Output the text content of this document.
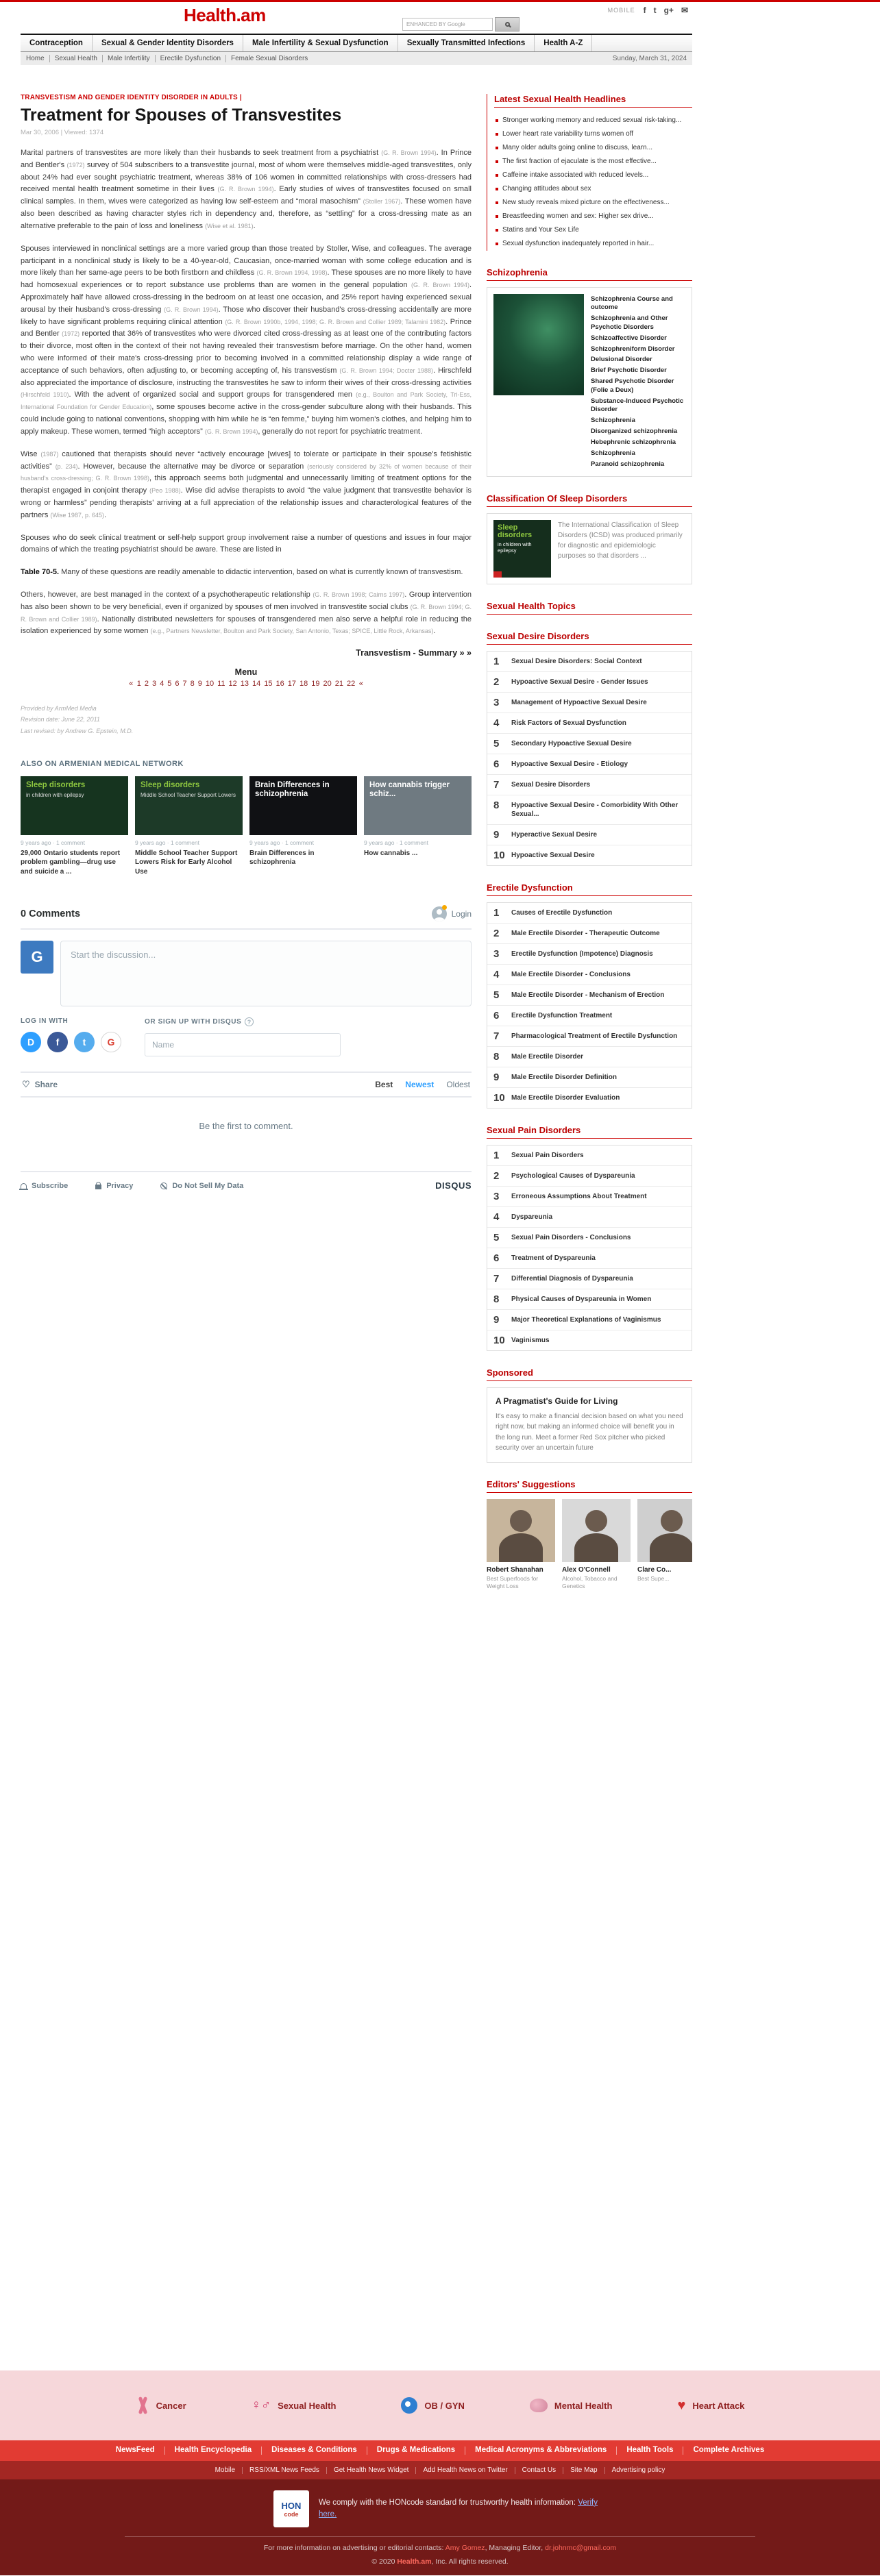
Health.am	MOBILE f t g+ ✉
ENHANCED BY Google
Contraception	Sexual & Gender Identity Disorders	Male Infertility & Sexual Dysfunction	Sexually Transmitted Infections	Health A-Z
Home	Sexual Health	Male Infertility	Erectile Dysfunction	Female Sexual Disorders	Sunday, March 31, 2024
TRANSVESTISM AND GENDER IDENTITY DISORDER IN ADULTS |
Treatment for Spouses of Transvestites
Mar 30, 2006 | Viewed: 1374

Marital partners of transvestites are more likely than their husbands to seek treatment from a psychiatrist (G. R. Brown 1994). In Prince and Bentler's (1972) survey of 504 subscribers to a transvestite journal, most of whom were themselves middle-aged transvestites, only about 24% had ever sought psychiatric treatment, whereas 38% of 106 women in committed relationships with cross-dressers had received mental health treatment sometime in their lives (G. R. Brown 1994). Early studies of wives of transvestites focused on small clinical samples. In them, wives were categorized as having low self-esteem and “moral masochism” (Stoller 1967). These women have also been described as having character styles rich in dependency and, therefore, as “settling” for a cross-dressing mate as an alternative preferable to the pain of loss and loneliness (Wise et al. 1981).

Spouses interviewed in nonclinical settings are a more varied group than those treated by Stoller, Wise, and colleagues. The average participant in a nonclinical study is likely to be a 40-year-old, Caucasian, once-married woman with some college education and is more likely than her same-age peers to be both firstborn and childless (G. R. Brown 1994, 1998). These spouses are no more likely to have had homosexual experiences or to report substance use problems than are women in the general population (G. R. Brown 1994). Approximately half have allowed cross-dressing in the bedroom on at least one occasion, and 25% report having experienced sexual arousal by their husband's cross-dressing (G. R. Brown 1994). Those who discover their husband's cross-dressing accidentally are more likely to have significant problems requiring clinical attention (G. R. Brown 1990b, 1994, 1998; G. R. Brown and Collier 1989; Talamini 1982). Prince and Bentler (1972) reported that 36% of transvestites who were divorced cited cross-dressing as at least one of the contributing factors to their divorce, most often in the context of their not having revealed their transvestism before marriage. On the other hand, women who were informed of their mate's cross-dressing prior to becoming involved in a committed relationship display a wide range of acceptance of such behaviors, often adjusting to, or becoming accepting of, his transvestism (G. R. Brown 1994; Docter 1988). Hirschfeld also appreciated the importance of disclosure, instructing the transvestites he saw to inform their wives of their cross-dressing activities (Hirschfeld 1910). With the advent of organized social and support groups for transgendered men (e.g., Boulton and Park Society, Tri-Ess, International Foundation for Gender Education), some spouses become active in the cross-gender subculture along with their husbands. This could include going to national conventions, shopping with him while he is “en femme,” buying him women's clothes, and helping him to apply makeup. These women, termed “high acceptors” (G. R. Brown 1994), generally do not report for psychiatric treatment.

Wise (1987) cautioned that therapists should never “actively encourage [wives] to tolerate or participate in their spouse's fetishistic activities” (p. 234). However, because the alternative may be divorce or separation (seriously considered by 32% of women because of their husband's cross-dressing; G. R. Brown 1998), this approach seems both judgmental and unnecessarily limiting of treatment options for the therapist engaged in conjoint therapy (Peo 1988). Wise did advise therapists to avoid “the value judgment that transvestite behavior is wrong or harmless” pending therapists' arriving at a full appreciation of the relationship issues and characterological features of the partners (Wise 1987, p. 645).

Spouses who do seek clinical treatment or self-help support group involvement raise a number of questions and issues in four major domains of which the treating psychiatrist should be aware. These are listed in

Table 70-5. Many of these questions are readily amenable to didactic intervention, based on what is currently known of transvestism.

Others, however, are best managed in the context of a psychotherapeutic relationship (G. R. Brown 1998; Cairns 1997). Group intervention has also been shown to be very beneficial, even if organized by spouses of men involved in transvestite social clubs (G. R. Brown 1994; G. R. Brown and Collier 1989). Nationally distributed newsletters for spouses of transgendered men also serve a helpful role in reducing the isolation experienced by some women (e.g., Partners Newsletter, Boulton and Park Society, San Antonio, Texas; SPICE, Little Rock, Arkansas).

Transvestism - Summary » »
Menu
« 1 2 3 4 5 6 7 8 9 10 11 12 13 14 15 16 17 18 19 20 21 22 «
Provided by ArmMed Media
Revision date: June 22, 2011
Last revised: by Andrew G. Epstein, M.D.
ALSO ON ARMENIAN MEDICAL NETWORK
Sleep disorders
in children with epilepsy
9 years ago · 1 comment
29,000 Ontario students report problem gambling—drug use and suicide a ...
Sleep disorders
Middle School Teacher Support Lowers
9 years ago · 1 comment
Middle School Teacher Support Lowers Risk for Early Alcohol Use
Brain Differences in schizophrenia
9 years ago · 1 comment
Brain Differences in schizophrenia
How cannabis trigger schiz...
9 years ago · 1 comment
How cannabis ...
0 Comments	Login
G	Start the discussion...
LOG IN WITH
D	f	t	G
OR SIGN UP WITH DISQUS ?
Name
♡ Share	Best Newest Oldest
Be the first to comment.
Subscribe	Privacy	Do Not Sell My Data	DISQUS
Latest Sexual Health Headlines
Stronger working memory and reduced sexual risk-taking...
Lower heart rate variability turns women off
Many older adults going online to discuss, learn...
The first fraction of ejaculate is the most effective...
Caffeine intake associated with reduced levels...
Changing attitudes about sex
New study reveals mixed picture on the effectiveness...
Breastfeeding women and sex: Higher sex drive...
Statins and Your Sex Life
Sexual dysfunction inadequately reported in hair...
Schizophrenia
Schizophrenia Course and outcome
Schizophrenia and Other Psychotic Disorders
Schizoaffective Disorder
Schizophreniform Disorder
Delusional Disorder
Brief Psychotic Disorder
Shared Psychotic Disorder (Folie a Deux)
Substance-Induced Psychotic Disorder
Schizophrenia
Disorganized schizophrenia
Hebephrenic schizophrenia
Schizophrenia
Paranoid schizophrenia
Classification Of Sleep Disorders
Sleep disorders
in children with epilepsy
The International Classification of Sleep Disorders (ICSD) was produced primarily for diagnostic and epidemiologic purposes so that disorders ...
Sexual Health Topics
Sexual Desire Disorders
Sexual Desire Disorders: Social Context
Hypoactive Sexual Desire - Gender Issues
Management of Hypoactive Sexual Desire
Risk Factors of Sexual Dysfunction
Secondary Hypoactive Sexual Desire
Hypoactive Sexual Desire - Etiology
Sexual Desire Disorders
Hypoactive Sexual Desire - Comorbidity With Other Sexual...
Hyperactive Sexual Desire
Hypoactive Sexual Desire
Erectile Dysfunction
Causes of Erectile Dysfunction
Male Erectile Disorder - Therapeutic Outcome
Erectile Dysfunction (Impotence) Diagnosis
Male Erectile Disorder - Conclusions
Male Erectile Disorder - Mechanism of Erection
Erectile Dysfunction Treatment
Pharmacological Treatment of Erectile Dysfunction
Male Erectile Disorder
Male Erectile Disorder Definition
Male Erectile Disorder Evaluation
Sexual Pain Disorders
Sexual Pain Disorders
Psychological Causes of Dyspareunia
Erroneous Assumptions About Treatment
Dyspareunia
Sexual Pain Disorders - Conclusions
Treatment of Dyspareunia
Differential Diagnosis of Dyspareunia
Physical Causes of Dyspareunia in Women
Major Theoretical Explanations of Vaginismus
Vaginismus
Sponsored
A Pragmatist's Guide for Living
It's easy to make a financial decision based on what you need right now, but making an informed choice will benefit you in the long run. Meet a former Red Sox pitcher who picked security over an uncertain future
Editors' Suggestions
Robert Shanahan
Best Superfoods for Weight Loss
Alex O'Connell
Alcohol, Tobacco and Genetics
Clare Co...
Best Supe...
Cancer	♀♂ Sexual Health	OB / GYN	Mental Health	♥ Heart Attack
NewsFeed	Health Encyclopedia	Diseases & Conditions	Drugs & Medications	Medical Acronyms & Abbreviations	Health Tools	Complete Archives
Mobile	RSS/XML News Feeds	Get Health News Widget	Add Health News on Twitter	Contact Us	Site Map	Advertising policy
HON
code
We comply with the HONcode standard for trustworthy health information: Verify here.
For more information on advertising or editorial contacts: Amy Gomez, Managing Editor, dr.johnmc@gmail.com
© 2020 Health.am, Inc. All rights reserved.
